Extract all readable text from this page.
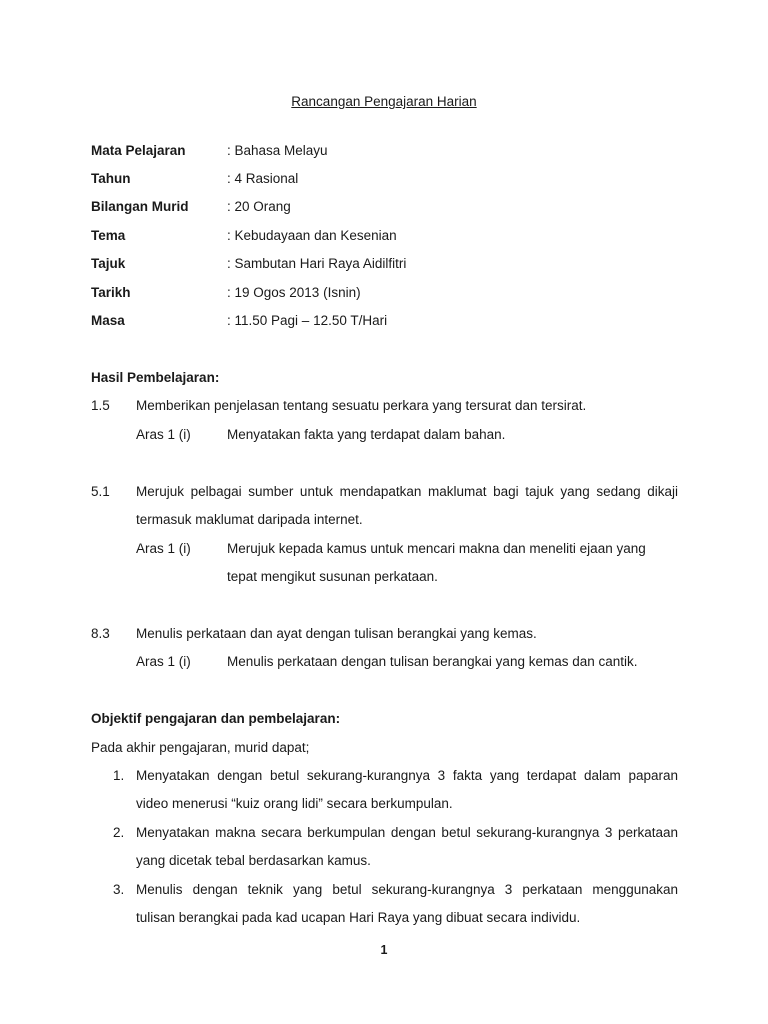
Rancangan Pengajaran Harian
Mata Pelajaran	: Bahasa Melayu
Tahun	: 4 Rasional
Bilangan Murid	: 20 Orang
Tema	: Kebudayaan dan Kesenian
Tajuk	: Sambutan Hari Raya Aidilfitri
Tarikh	: 19 Ogos 2013 (Isnin)
Masa	: 11.50 Pagi – 12.50 T/Hari
Hasil Pembelajaran:
1.5 Memberikan penjelasan tentang sesuatu perkara yang tersurat dan tersirat.
Aras 1 (i)	Menyatakan fakta yang terdapat dalam bahan.
5.1 Merujuk pelbagai sumber untuk mendapatkan maklumat bagi tajuk yang sedang dikaji
termasuk maklumat daripada internet.
Aras 1 (i)	Merujuk kepada kamus untuk mencari makna dan meneliti ejaan yang
tepat mengikut susunan perkataan.
8.3 Menulis perkataan dan ayat dengan tulisan berangkai yang kemas.
Aras 1 (i)	Menulis perkataan dengan tulisan berangkai yang kemas dan cantik.
Objektif pengajaran dan pembelajaran:
Pada akhir pengajaran, murid dapat;
1. Menyatakan dengan betul sekurang-kurangnya 3 fakta yang terdapat dalam paparan
video menerusi “kuiz orang lidi” secara berkumpulan.
2. Menyatakan makna secara berkumpulan dengan betul sekurang-kurangnya 3 perkataan
yang dicetak tebal berdasarkan kamus.
3. Menulis dengan teknik yang betul sekurang-kurangnya 3 perkataan menggunakan
tulisan berangkai pada kad ucapan Hari Raya yang dibuat secara individu.
1
